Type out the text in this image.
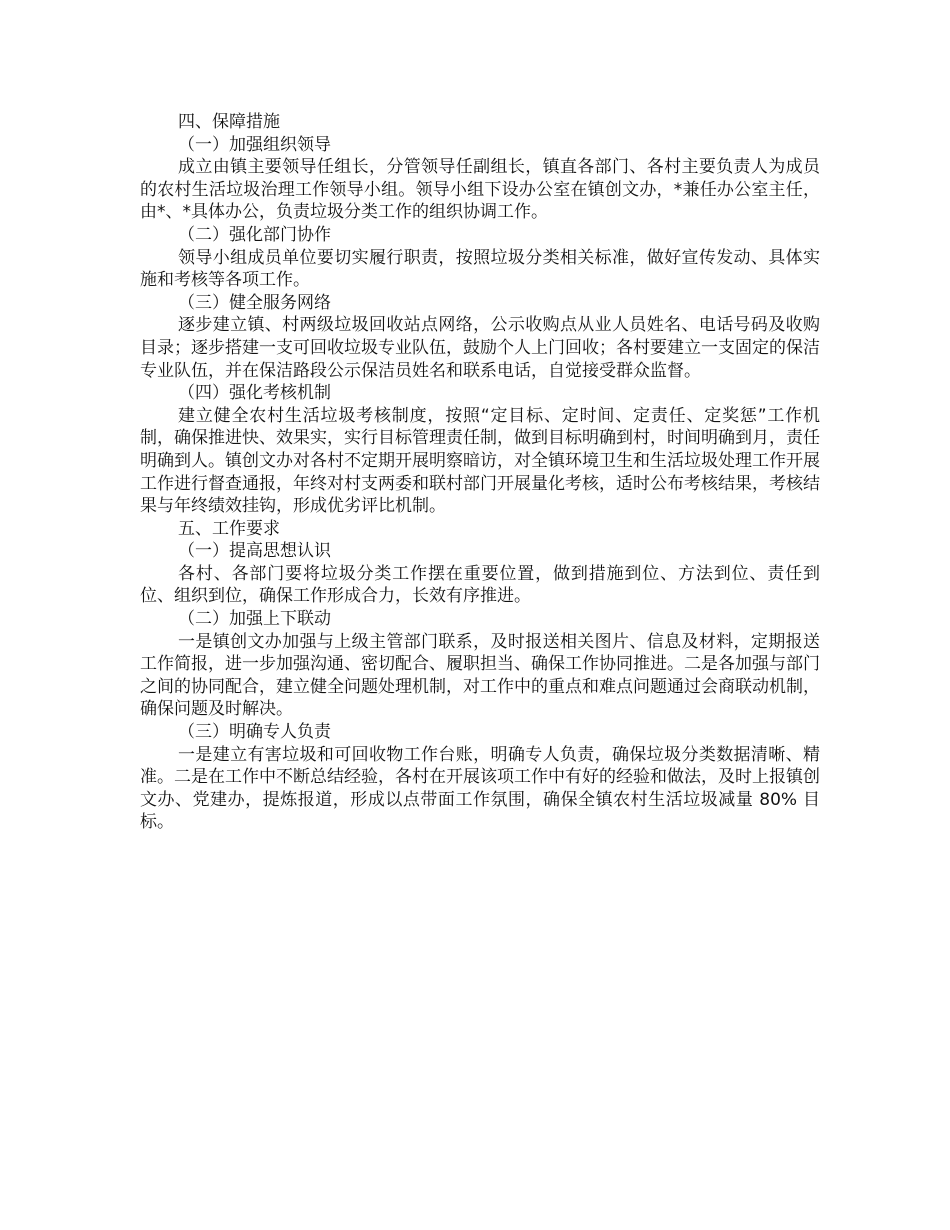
四、保障措施

（一）加强组织领导

成立由镇主要领导任组长，分管领导任副组长，镇直各部门、各村主要负责人为成员的农村生活垃圾治理工作领导小组。领导小组下设办公室在镇创文办，*兼任办公室主任，由*、*具体办公，负责垃圾分类工作的组织协调工作。

（二）强化部门协作

领导小组成员单位要切实履行职责，按照垃圾分类相关标准，做好宣传发动、具体实施和考核等各项工作。

（三）健全服务网络

逐步建立镇、村两级垃圾回收站点网络，公示收购点从业人员姓名、电话号码及收购目录；逐步搭建一支可回收垃圾专业队伍，鼓励个人上门回收；各村要建立一支固定的保洁专业队伍，并在保洁路段公示保洁员姓名和联系电话，自觉接受群众监督。

（四）强化考核机制

建立健全农村生活垃圾考核制度，按照“定目标、定时间、定责任、定奖惩”工作机制，确保推进快、效果实，实行目标管理责任制，做到目标明确到村，时间明确到月，责任明确到人。镇创文办对各村不定期开展明察暗访，对全镇环境卫生和生活垃圾处理工作开展工作进行督查通报，年终对村支两委和联村部门开展量化考核，适时公布考核结果，考核结果与年终绩效挂钩，形成优劣评比机制。

五、工作要求

（一）提高思想认识

各村、各部门要将垃圾分类工作摆在重要位置，做到措施到位、方法到位、责任到位、组织到位，确保工作形成合力，长效有序推进。

（二）加强上下联动

一是镇创文办加强与上级主管部门联系，及时报送相关图片、信息及材料，定期报送工作简报，进一步加强沟通、密切配合、履职担当、确保工作协同推进。二是各加强与部门之间的协同配合，建立健全问题处理机制，对工作中的重点和难点问题通过会商联动机制，确保问题及时解决。

（三）明确专人负责

一是建立有害垃圾和可回收物工作台账，明确专人负责，确保垃圾分类数据清晰、精准。二是在工作中不断总结经验，各村在开展该项工作中有好的经验和做法，及时上报镇创文办、党建办，提炼报道，形成以点带面工作氛围，确保全镇农村生活垃圾减量 80% 目标。
